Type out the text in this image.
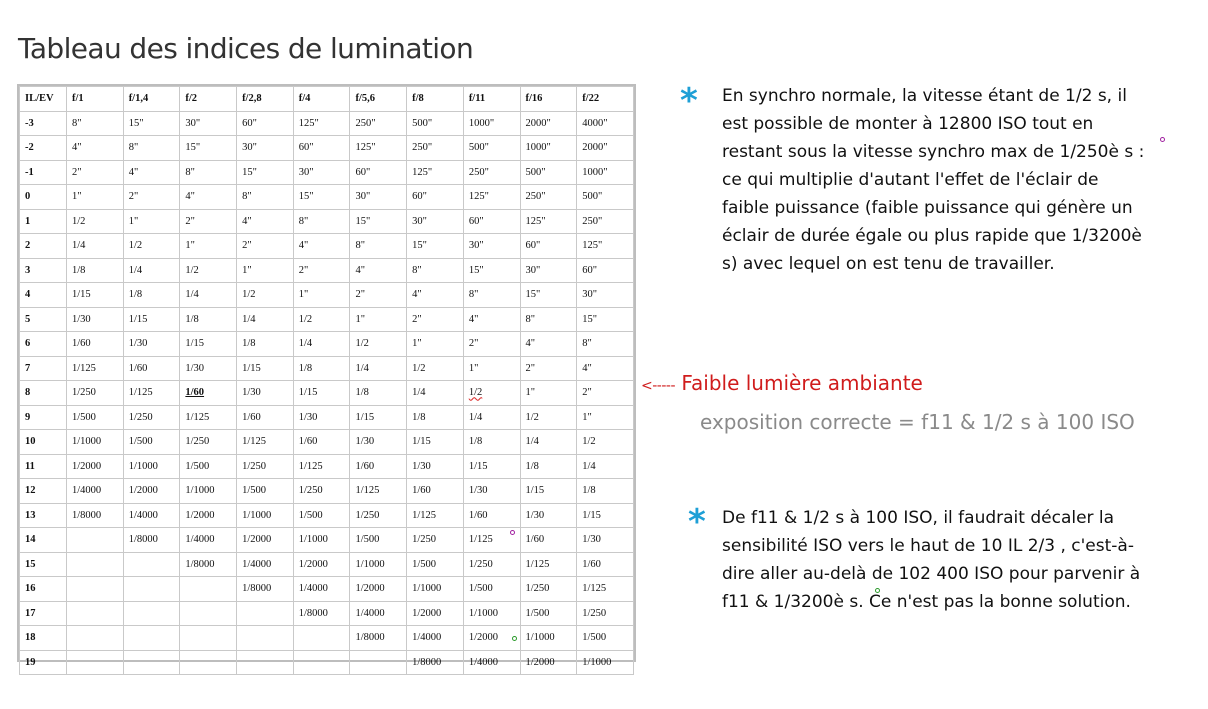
Tableau des indices de lumination
IL/EV	f/1	f/1,4	f/2	f/2,8	f/4	f/5,6	f/8	f/11	f/16	f/22
-3	8"	15"	30"	60"	125"	250"	500"	1000"	2000"	4000"
-2	4"	8"	15"	30"	60"	125"	250"	500"	1000"	2000"
-1	2"	4"	8"	15"	30"	60"	125"	250"	500"	1000"
0	1"	2"	4"	8"	15"	30"	60"	125"	250"	500"
1	1/2	1"	2"	4"	8"	15"	30"	60"	125"	250"
2	1/4	1/2	1"	2"	4"	8"	15"	30"	60"	125"
3	1/8	1/4	1/2	1"	2"	4"	8"	15"	30"	60"
4	1/15	1/8	1/4	1/2	1"	2"	4"	8"	15"	30"
5	1/30	1/15	1/8	1/4	1/2	1"	2"	4"	8"	15"
6	1/60	1/30	1/15	1/8	1/4	1/2	1"	2"	4"	8"
7	1/125	1/60	1/30	1/15	1/8	1/4	1/2	1"	2"	4"
8	1/250	1/125	1/60	1/30	1/15	1/8	1/4	1/2	1"	2"
9	1/500	1/250	1/125	1/60	1/30	1/15	1/8	1/4	1/2	1"
10	1/1000	1/500	1/250	1/125	1/60	1/30	1/15	1/8	1/4	1/2
11	1/2000	1/1000	1/500	1/250	1/125	1/60	1/30	1/15	1/8	1/4
12	1/4000	1/2000	1/1000	1/500	1/250	1/125	1/60	1/30	1/15	1/8
13	1/8000	1/4000	1/2000	1/1000	1/500	1/250	1/125	1/60	1/30	1/15
14		1/8000	1/4000	1/2000	1/1000	1/500	1/250	1/125	1/60	1/30
15			1/8000	1/4000	1/2000	1/1000	1/500	1/250	1/125	1/60
16				1/8000	1/4000	1/2000	1/1000	1/500	1/250	1/125
17					1/8000	1/4000	1/2000	1/1000	1/500	1/250
18						1/8000	1/4000	1/2000	1/1000	1/500
19							1/8000	1/4000	1/2000	1/1000
* En synchro normale, la vitesse étant de 1/2 s, il

est possible de monter à 12800 ISO tout en

restant sous la vitesse synchro max de 1/250è s :

ce qui multiplie d'autant l'effet de l'éclair de

faible puissance (faible puissance qui génère un

éclair de durée égale ou plus rapide que 1/3200è

s) avec lequel on est tenu de travailler.

<----- Faible lumière ambiante
exposition correcte = f11 & 1/2 s à 100 ISO
* De f11 & 1/2 s à 100 ISO, il faudrait décaler la

sensibilité ISO vers le haut de 10 IL 2/3 , c'est-à-

dire aller au-delà de 102 400 ISO pour parvenir à

f11 & 1/3200è s. Ce n'est pas la bonne solution.
